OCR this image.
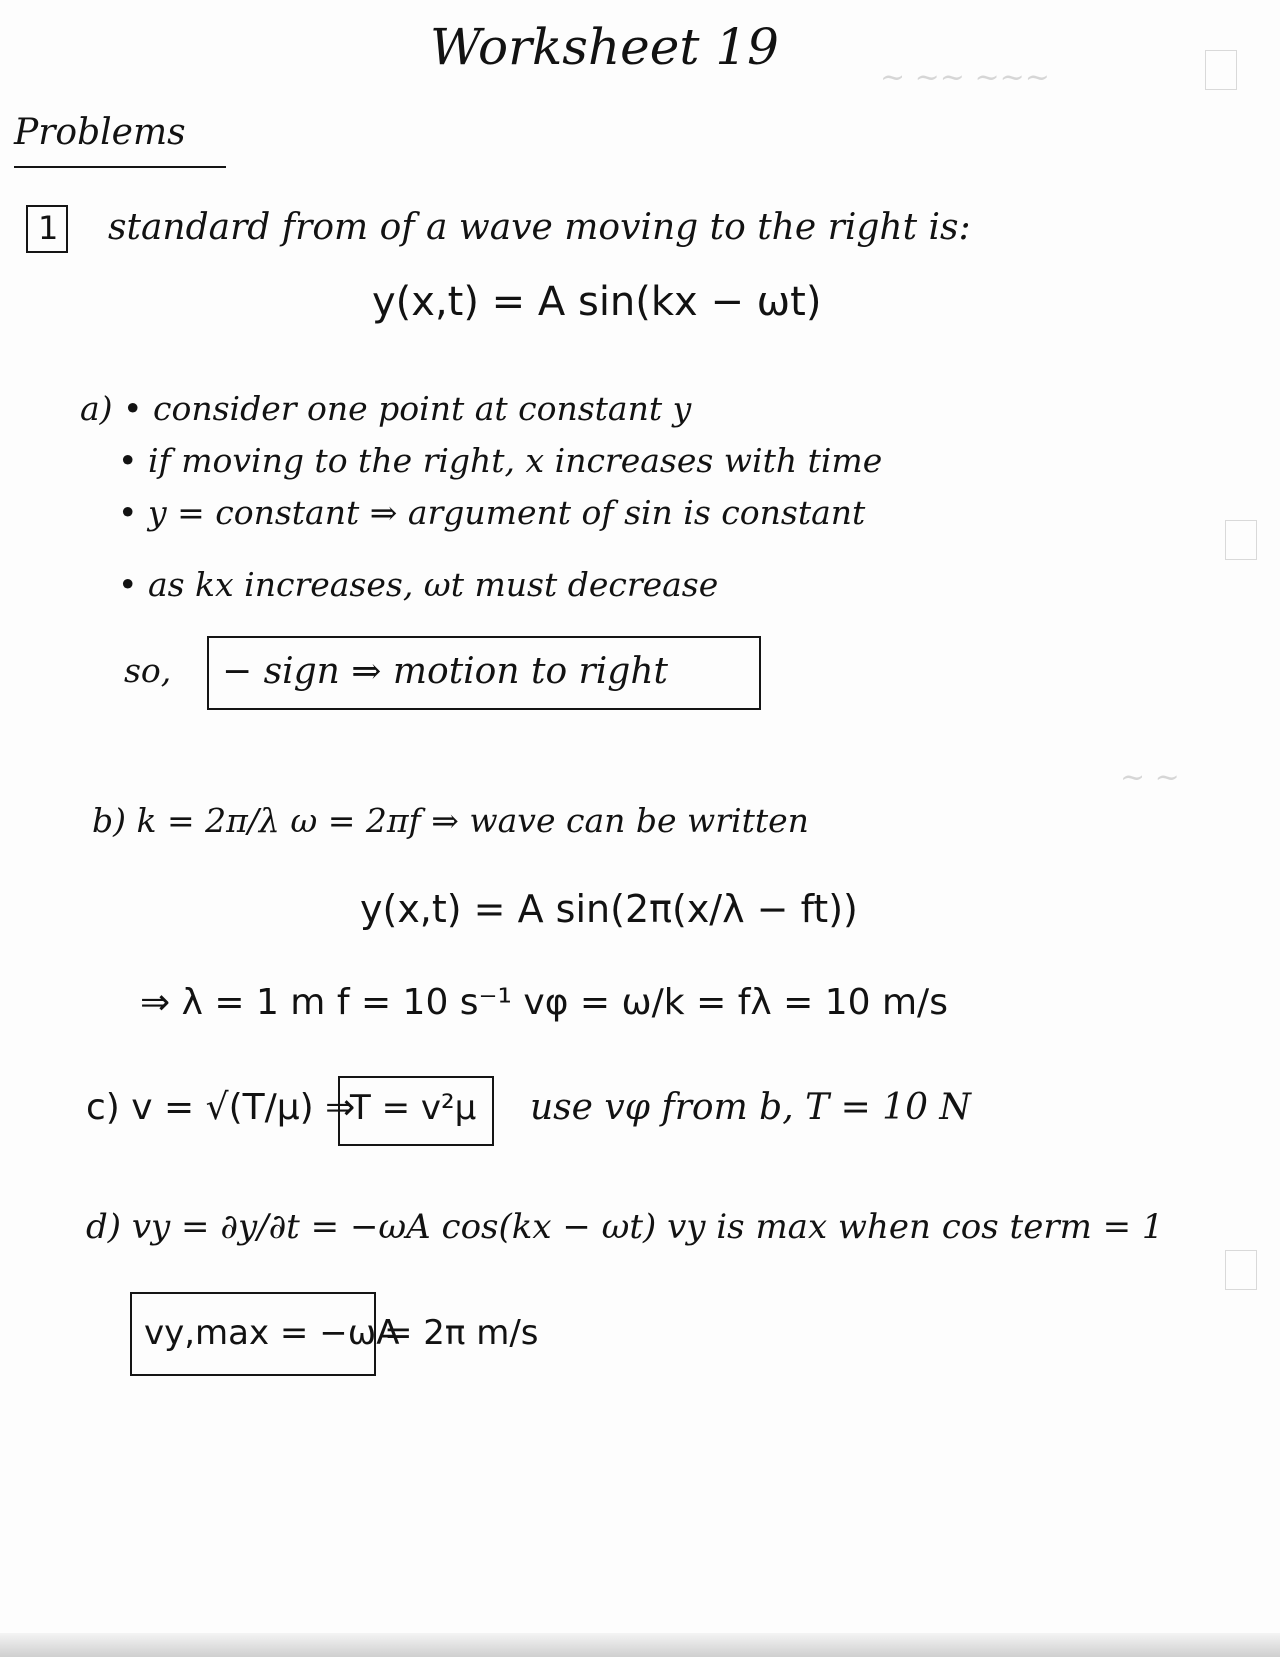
~ ~~ ~~~
~ ~
Worksheet 19
Problems
1 standard from of a wave moving to the right is:
y(x,t) = A sin(kx − ωt)
a) • consider one point at constant y
• if moving to the right, x increases with time
• y = constant ⇒ argument of sin is constant
• as kx increases, ωt must decrease
so, − sign ⇒ motion to right
b) k = 2π/λ ω = 2πf ⇒ wave can be written
y(x,t) = A sin(2π(x/λ − ft))
⇒ λ = 1 m f = 10 s⁻¹ vφ = ω/k = fλ = 10 m/s
c) v = √(T/μ) ⇒
T = v²μ use vφ from b, T = 10 N
d) vy = ∂y/∂t = −ωA cos(kx − ωt) vy is max when cos term = 1
vy,max = −ωA
= 2π m/s
